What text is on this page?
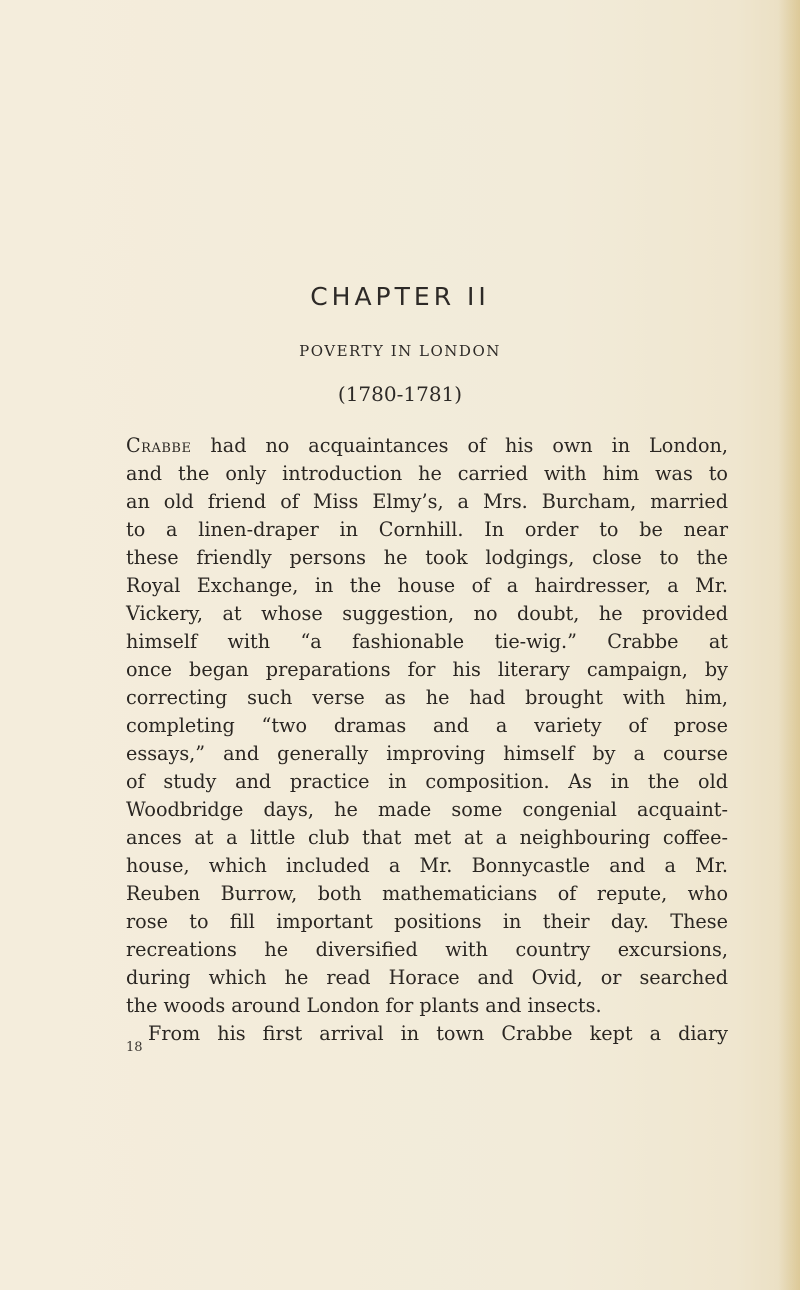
CHAPTER II
POVERTY IN LONDON
(1780-1781)
Crabbe had no acquaintances of his own in London,
and the only introduction he carried with him was to
an old friend of Miss Elmy’s, a Mrs. Burcham, married
to a linen-draper in Cornhill. In order to be near
these friendly persons he took lodgings, close to the
Royal Exchange, in the house of a hairdresser, a Mr.
Vickery, at whose suggestion, no doubt, he provided
himself with “a fashionable tie-wig.” Crabbe at
once began preparations for his literary campaign, by
correcting such verse as he had brought with him,
completing “two dramas and a variety of prose
essays,” and generally improving himself by a course
of study and practice in composition. As in the old
Woodbridge days, he made some congenial acquaint-
ances at a little club that met at a neighbouring coffee-
house, which included a Mr. Bonnycastle and a Mr.
Reuben Burrow, both mathematicians of repute, who
rose to fill important positions in their day. These
recreations he diversified with country excursions,
during which he read Horace and Ovid, or searched
the woods around London for plants and insects.
From his first arrival in town Crabbe kept a diary
18
